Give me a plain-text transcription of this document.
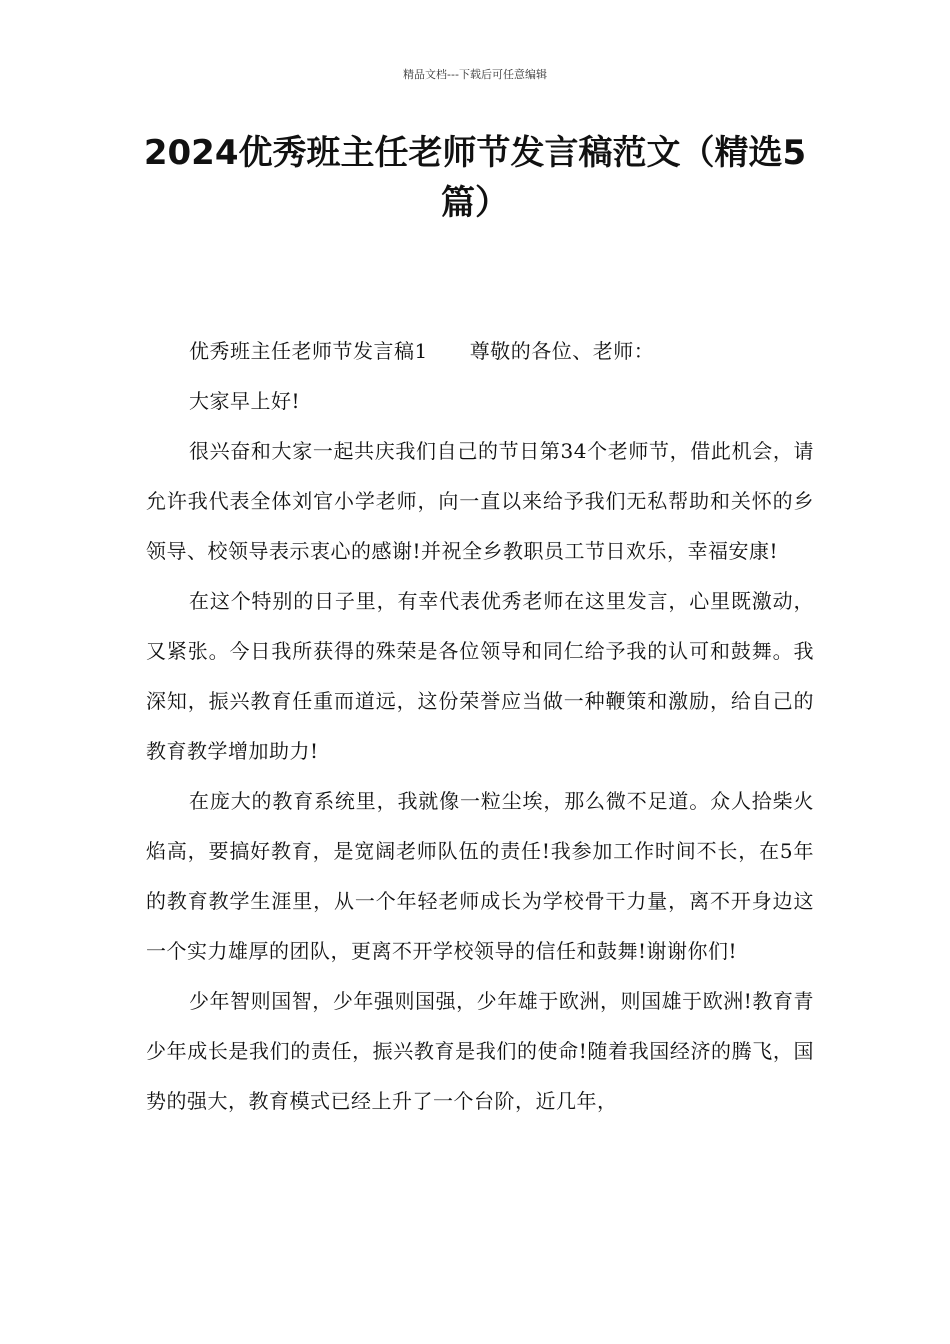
精品文档---下载后可任意编辑
2024优秀班主任老师节发言稿范文（精选5篇）

优秀班主任老师节发言稿1 尊敬的各位、老师：

大家早上好!

很兴奋和大家一起共庆我们自己的节日第34个老师节，借此机会，请允许我代表全体刘官小学老师，向一直以来给予我们无私帮助和关怀的乡领导、校领导表示衷心的感谢!并祝全乡教职员工节日欢乐，幸福安康!

在这个特别的日子里，有幸代表优秀老师在这里发言，心里既激动，又紧张。今日我所获得的殊荣是各位领导和同仁给予我的认可和鼓舞。我深知，振兴教育任重而道远，这份荣誉应当做一种鞭策和激励，给自己的教育教学增加助力!

在庞大的教育系统里，我就像一粒尘埃，那么微不足道。众人拾柴火焰高，要搞好教育，是宽阔老师队伍的责任!我参加工作时间不长，在5年的教育教学生涯里，从一个年轻老师成长为学校骨干力量，离不开身边这一个实力雄厚的团队，更离不开学校领导的信任和鼓舞!谢谢你们!

少年智则国智，少年强则国强，少年雄于欧洲，则国雄于欧洲!教育青少年成长是我们的责任，振兴教育是我们的使命!随着我国经济的腾飞，国势的强大，教育模式已经上升了一个台阶，近几年，
